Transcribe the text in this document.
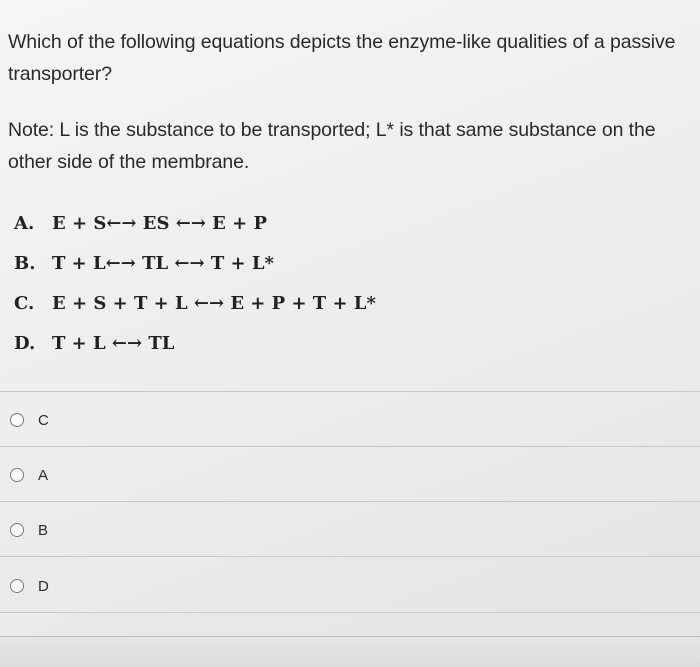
Which of the following equations depicts the enzyme-like qualities of a passive transporter?
Note: L is the substance to be transported; L* is that same substance on the other side of the membrane.
A. E + S←→ ES ←→ E + P
B. T + L←→ TL ←→ T + L*
C. E + S + T + L ←→ E + P + T + L*
D. T + L ←→ TL
C
A
B
D
